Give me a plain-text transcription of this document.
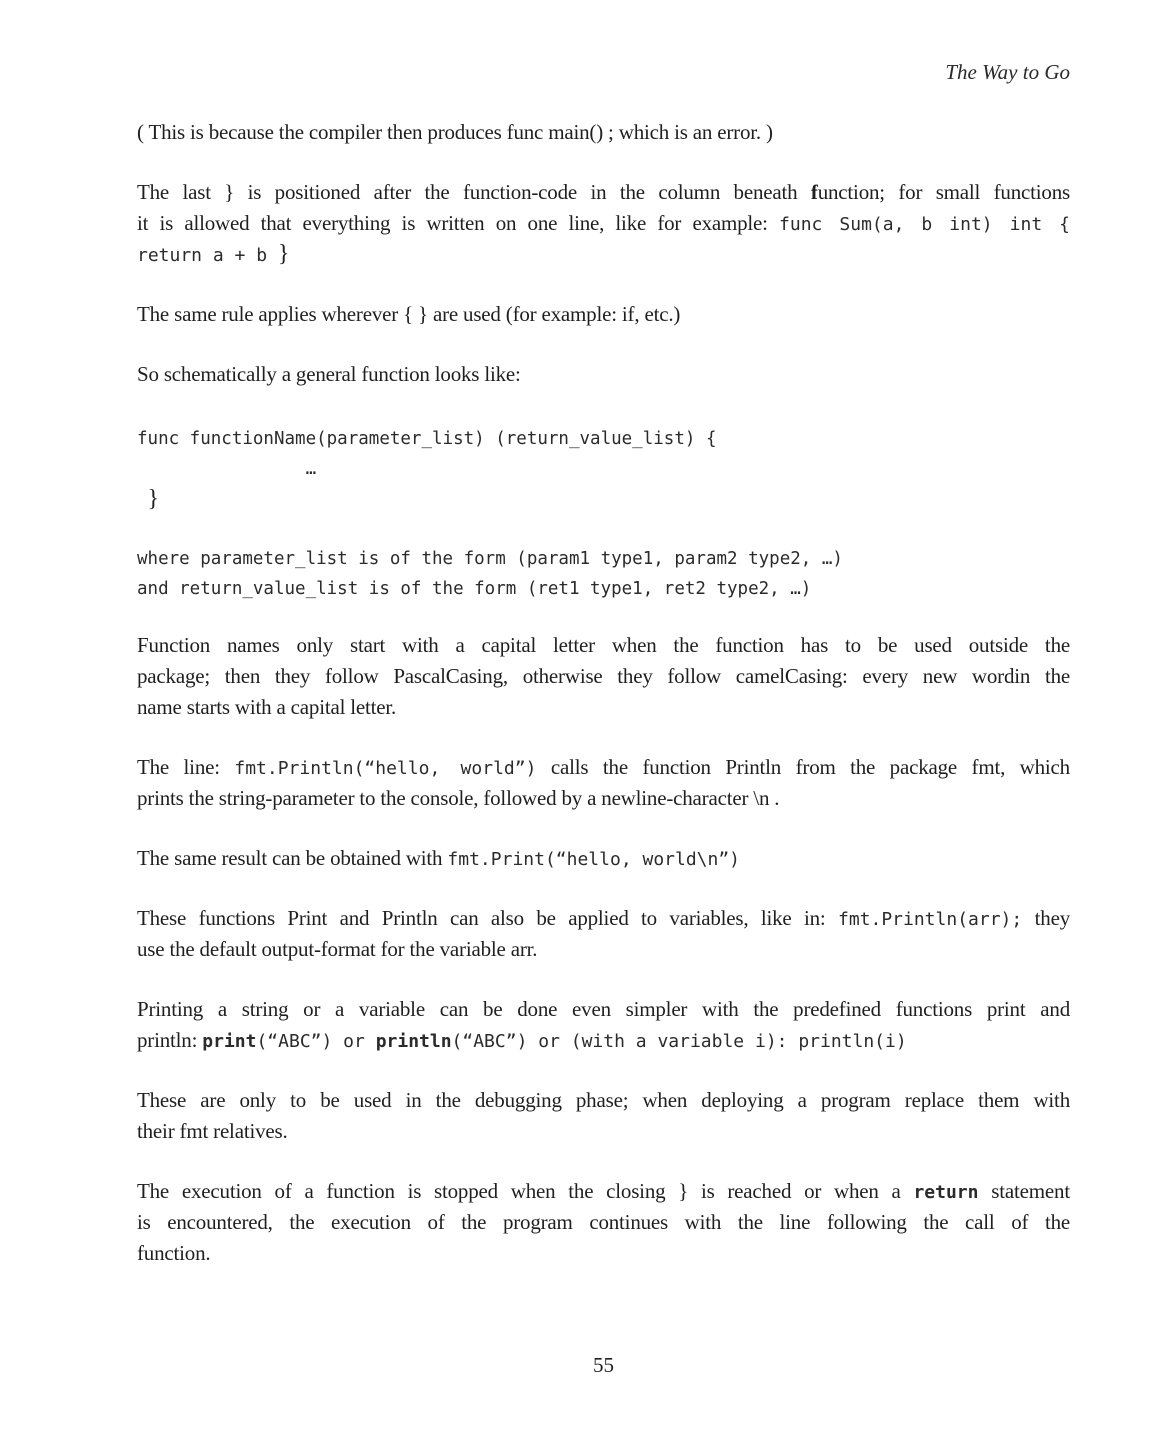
The Way to Go
( This is because the compiler then produces func main() ; which is an error. )
The last } is positioned after the function-code in the column beneath function; for small functions
it is allowed that everything is written on one line, like for example: func Sum(a, b int) int {
return a + b }
The same rule applies wherever { } are used (for example: if, etc.)
So schematically a general function looks like:
func functionName(parameter_list) (return_value_list) {
…
}
where parameter_list is of the form (param1 type1, param2 type2, …)
and return_value_list is of the form (ret1 type1, ret2 type2, …)
Function names only start with a capital letter when the function has to be used outside the
package; then they follow PascalCasing, otherwise they follow camelCasing: every new wordin the
name starts with a capital letter.
The line: fmt.Println(“hello, world”) calls the function Println from the package fmt, which
prints the string-parameter to the console, followed by a newline-character \n .
The same result can be obtained with fmt.Print(“hello, world\n”)
These functions Print and Println can also be applied to variables, like in: fmt.Println(arr); they
use the default output-format for the variable arr.
Printing a string or a variable can be done even simpler with the predefined functions print and
println: print(“ABC”) or println(“ABC”) or (with a variable i): println(i)
These are only to be used in the debugging phase; when deploying a program replace them with
their fmt relatives.
The execution of a function is stopped when the closing } is reached or when a return statement
is encountered, the execution of the program continues with the line following the call of the
function.
55
